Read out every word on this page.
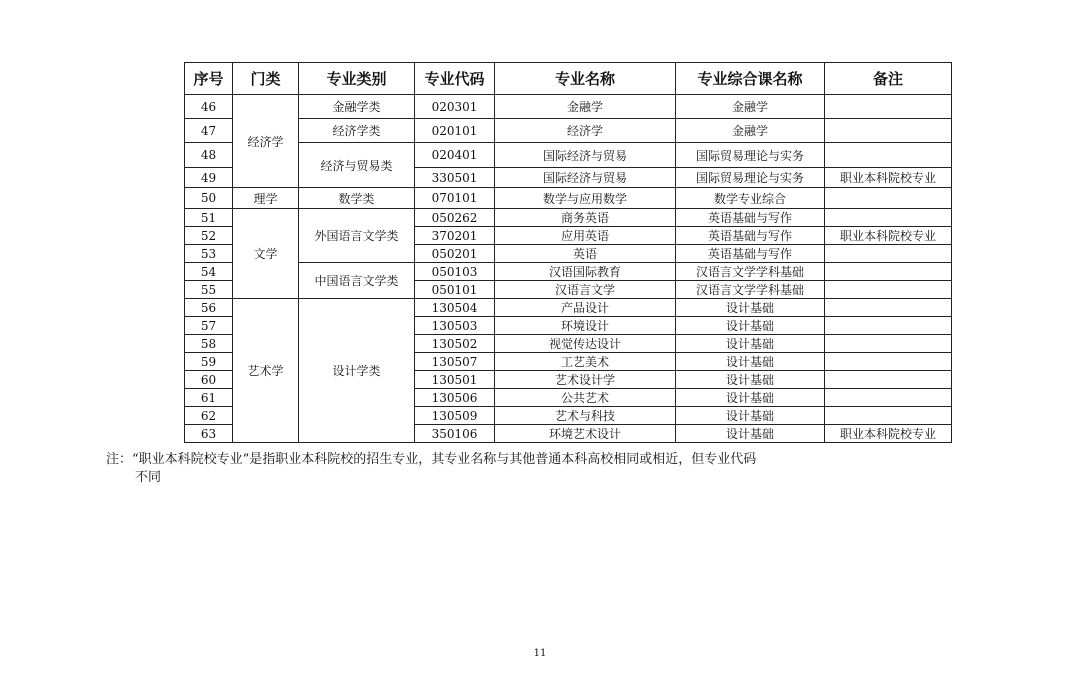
序号	门类	专业类别	专业代码	专业名称	专业综合课名称	备注
46	经济学	金融学类	020301	金融学	金融学	
47		经济学类	020101	经济学	金融学	
48		经济与贸易类	020401	国际经济与贸易	国际贸易理论与实务	
49			330501	国际经济与贸易	国际贸易理论与实务	职业本科院校专业
50	理学	数学类	070101	数学与应用数学	数学专业综合	
51	文学	外国语言文学类	050262	商务英语	英语基础与写作	
52			370201	应用英语	英语基础与写作	职业本科院校专业
53			050201	英语	英语基础与写作	
54		中国语言文学类	050103	汉语国际教育	汉语言文学学科基础	
55			050101	汉语言文学	汉语言文学学科基础	
56	艺术学	设计学类	130504	产品设计	设计基础	
57			130503	环境设计	设计基础	
58			130502	视觉传达设计	设计基础	
59			130507	工艺美术	设计基础	
60			130501	艺术设计学	设计基础	
61			130506	公共艺术	设计基础	
62			130509	艺术与科技	设计基础	
63			350106	环境艺术设计	设计基础	职业本科院校专业
注：“职业本科院校专业”是指职业本科院校的招生专业，其专业名称与其他普通本科高校相同或相近，但专业代码
不同
11
